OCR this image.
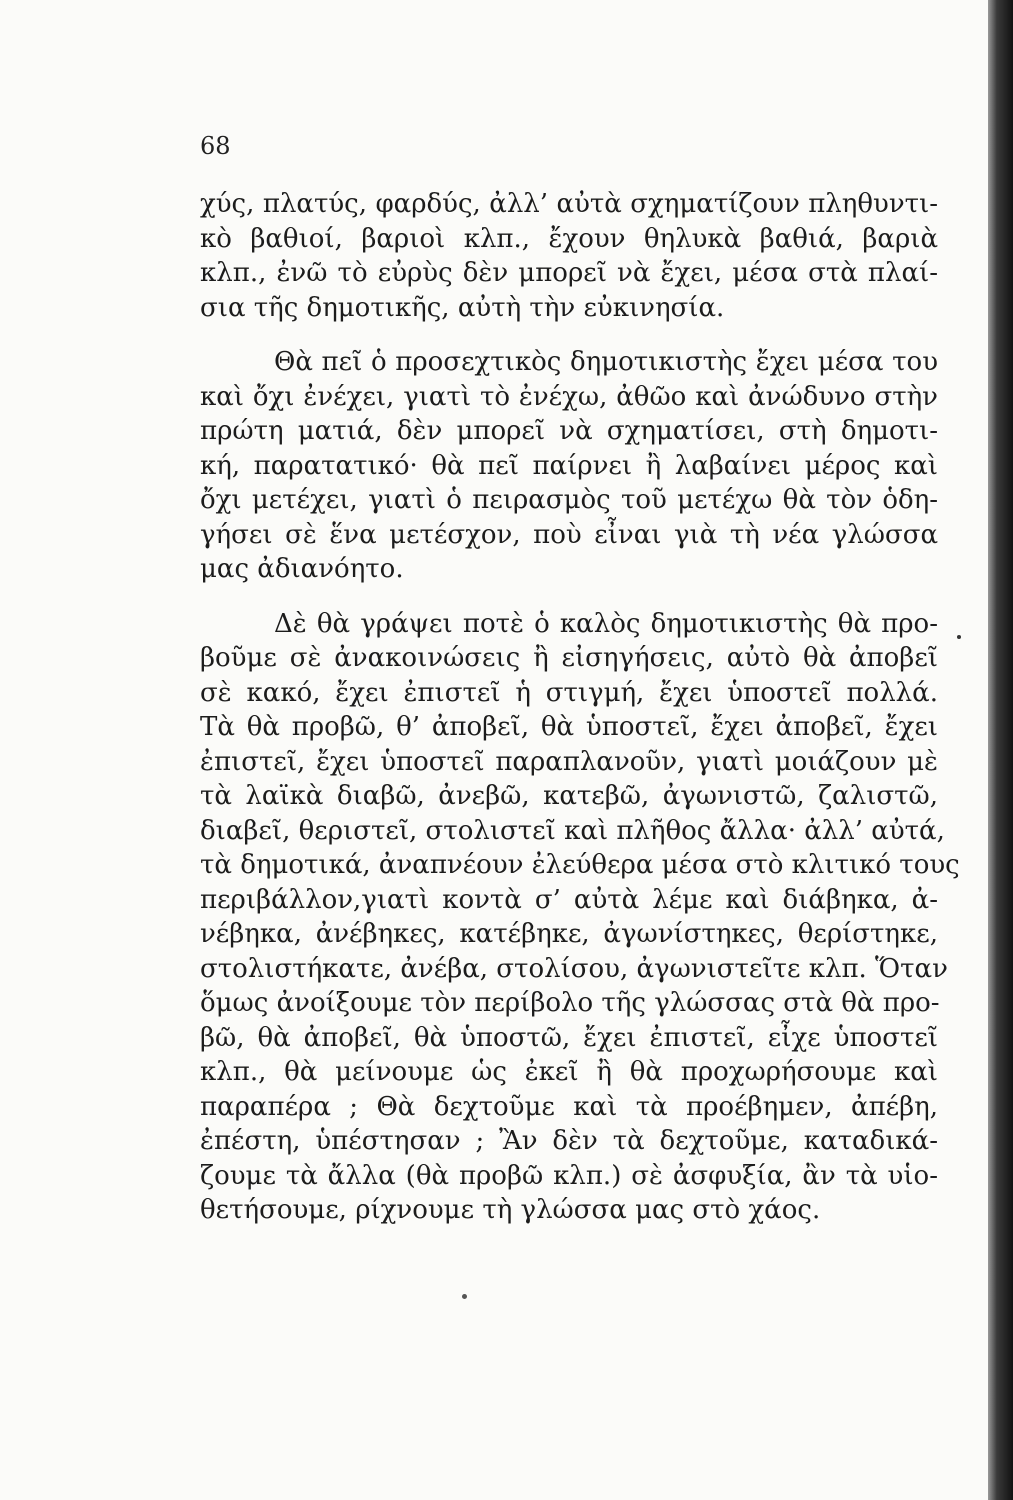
68

χύς, πλατύς, φαρδύς, ἀλλ’ αὐτὰ σχηματίζουν πληθυντι-
κὸ βαθιοί, βαριοὶ κλπ., ἔχουν θηλυκὰ βαθιά, βαριὰ
κλπ., ἐνῶ τὸ εὐρὺς δὲν μπορεῖ νὰ ἔχει, μέσα στὰ πλαί-
σια τῆς δημοτικῆς, αὐτὴ τὴν εὐκινησία.

Θὰ πεῖ ὁ προσεχτικὸς δημοτικιστὴς ἔχει μέσα του
καὶ ὄχι ἐνέχει, γιατὶ τὸ ἐνέχω, ἀθῶο καὶ ἀνώδυνο στὴν
πρώτη ματιά, δὲν μπορεῖ νὰ σχηματίσει, στὴ δημοτι-
κή, παρατατικό· θὰ πεῖ παίρνει ἢ λαβαίνει μέρος καὶ
ὄχι μετέχει, γιατὶ ὁ πειρασμὸς τοῦ μετέχω θὰ τὸν ὁδη-
γήσει σὲ ἕνα μετέσχον, ποὺ εἶναι γιὰ τὴ νέα γλώσσα
μας ἀδιανόητο.

Δὲ θὰ γράψει ποτὲ ὁ καλὸς δημοτικιστὴς θὰ προ-
βοῦμε σὲ ἀνακοινώσεις ἢ εἰσηγήσεις, αὐτὸ θὰ ἀποβεῖ
σὲ κακό, ἔχει ἐπιστεῖ ἡ στιγμή, ἔχει ὑποστεῖ πολλά.
Τὰ θὰ προβῶ, θ’ ἀποβεῖ, θὰ ὑποστεῖ, ἔχει ἀποβεῖ, ἔχει
ἐπιστεῖ, ἔχει ὑποστεῖ παραπλανοῦν, γιατὶ μοιάζουν μὲ
τὰ λαϊκὰ διαβῶ, ἀνεβῶ, κατεβῶ, ἀγωνιστῶ, ζαλιστῶ,
διαβεῖ, θεριστεῖ, στολιστεῖ καὶ πλῆθος ἄλλα· ἀλλ’ αὐτά,
τὰ δημοτικά, ἀναπνέουν ἐλεύθερα μέσα στὸ κλιτικό τους
περιβάλλον,γιατὶ κοντὰ σ’ αὐτὰ λέμε καὶ διάβηκα, ἀ-
νέβηκα, ἀνέβηκες, κατέβηκε, ἀγωνίστηκες, θερίστηκε,
στολιστήκατε, ἀνέβα, στολίσου, ἀγωνιστεῖτε κλπ. Ὅταν
ὅμως ἀνοίξουμε τὸν περίβολο τῆς γλώσσας στὰ θὰ προ-
βῶ, θὰ ἀποβεῖ, θὰ ὑποστῶ, ἔχει ἐπιστεῖ, εἶχε ὑποστεῖ
κλπ., θὰ μείνουμε ὡς ἐκεῖ ἢ θὰ προχωρήσουμε καὶ
παραπέρα ; Θὰ δεχτοῦμε καὶ τὰ προέβημεν, ἀπέβη,
ἐπέστη, ὑπέστησαν ; Ἂν δὲν τὰ δεχτοῦμε, καταδικά-
ζουμε τὰ ἄλλα (θὰ προβῶ κλπ.) σὲ ἀσφυξία, ἂν τὰ υἱο-
θετήσουμε, ρίχνουμε τὴ γλώσσα μας στὸ χάος.
